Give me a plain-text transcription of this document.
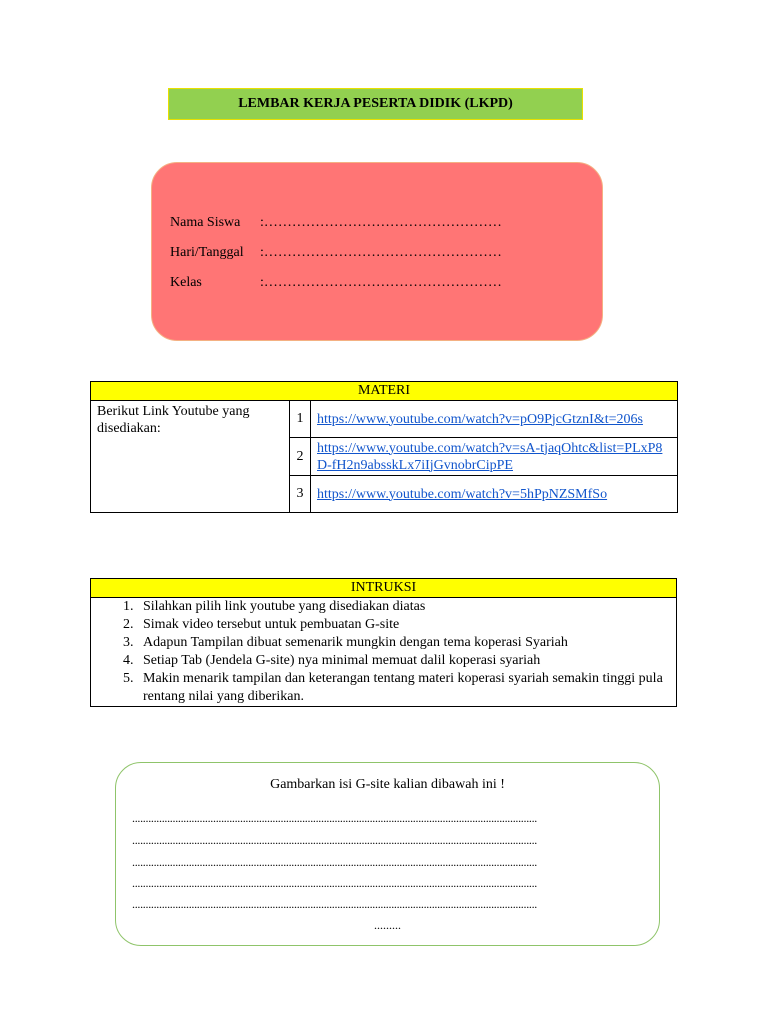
LEMBAR KERJA PESERTA DIDIK (LKPD)
Nama Siswa	:……………………………………………
Hari/Tanggal	:……………………………………………
Kelas	:……………………………………………
MATERI		
Berikut Link Youtube yang disediakan:	1	https://www.youtube.com/watch?v=pO9PjcGtznI&t=206s

	2	https://www.youtube.com/watch?v=sA-tjaqOhtc&list=PLxP8D-fH2n9absskLx7iIjGvnobrCipPE

	3	https://www.youtube.com/watch?v=5hPpNZSMfSo
INTRUKSI

1. Silahkan pilih link youtube yang disediakan diatas
2. Simak video tersebut untuk pembuatan G-site
3. Adapun Tampilan dibuat semenarik mungkin dengan tema koperasi Syariah
4. Setiap Tab (Jendela G-site) nya minimal memuat dalil koperasi syariah
5. Makin menarik tampilan dan keterangan tentang materi koperasi syariah semakin tinggi pula rentang nilai yang diberikan.
Gambarkan isi G-site kalian dibawah ini !
......................................................................................................................................................
......................................................................................................................................................
......................................................................................................................................................
......................................................................................................................................................
......................................................................................................................................................
.........
